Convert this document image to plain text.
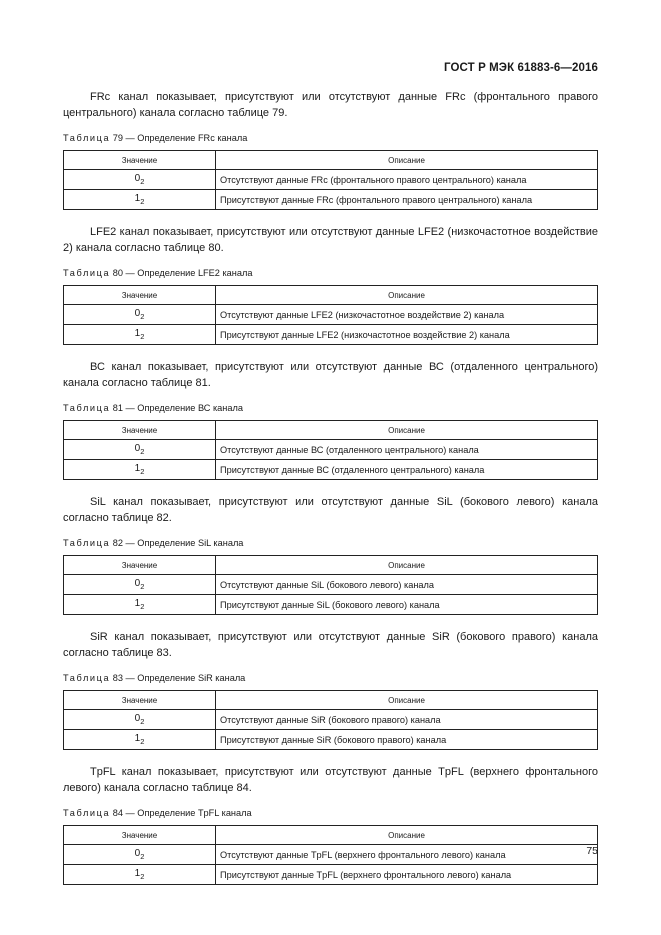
ГОСТ Р МЭК 61883-6—2016

FRc канал показывает, присутствуют или отсутствуют данные FRc (фронтального правого центрального) канала согласно таблице 79.

Таблица 79 — Определение FRc канала
Значение	Описание
$0_2$	Отсутствуют данные FRc (фронтального правого центрального) канала
$1_2$	Присутствуют данные FRc (фронтального правого центрального) канала

LFE2 канал показывает, присутствуют или отсутствуют данные LFE2 (низкочастотное воздействие 2) канала согласно таблице 80.

Таблица 80 — Определение LFE2 канала
Значение	Описание
$0_2$	Отсутствуют данные LFE2 (низкочастотное воздействие 2) канала
$1_2$	Присутствуют данные LFE2 (низкочастотное воздействие 2) канала

ВС канал показывает, присутствуют или отсутствуют данные ВС (отдаленного центрального) канала согласно таблице 81.

Таблица 81 — Определение ВС канала
Значение	Описание
$0_2$	Отсутствуют данные ВС (отдаленного центрального) канала
$1_2$	Присутствуют данные ВС (отдаленного центрального) канала

SiL канал показывает, присутствуют или отсутствуют данные SiL (бокового левого) канала согласно таблице 82.

Таблица 82 — Определение SiL канала
Значение	Описание
$0_2$	Отсутствуют данные SiL (бокового левого) канала
$1_2$	Присутствуют данные SiL (бокового левого) канала

SiR канал показывает, присутствуют или отсутствуют данные SiR (бокового правого) канала согласно таблице 83.

Таблица 83 — Определение SiR канала
Значение	Описание
$0_2$	Отсутствуют данные SiR (бокового правого) канала
$1_2$	Присутствуют данные SiR (бокового правого) канала

TpFL канал показывает, присутствуют или отсутствуют данные TpFL (верхнего фронтального левого) канала согласно таблице 84.

Таблица 84 — Определение TpFL канала
Значение	Описание
$0_2$	Отсутствуют данные TpFL (верхнего фронтального левого) канала
$1_2$	Присутствуют данные TpFL (верхнего фронтального левого) канала
75
